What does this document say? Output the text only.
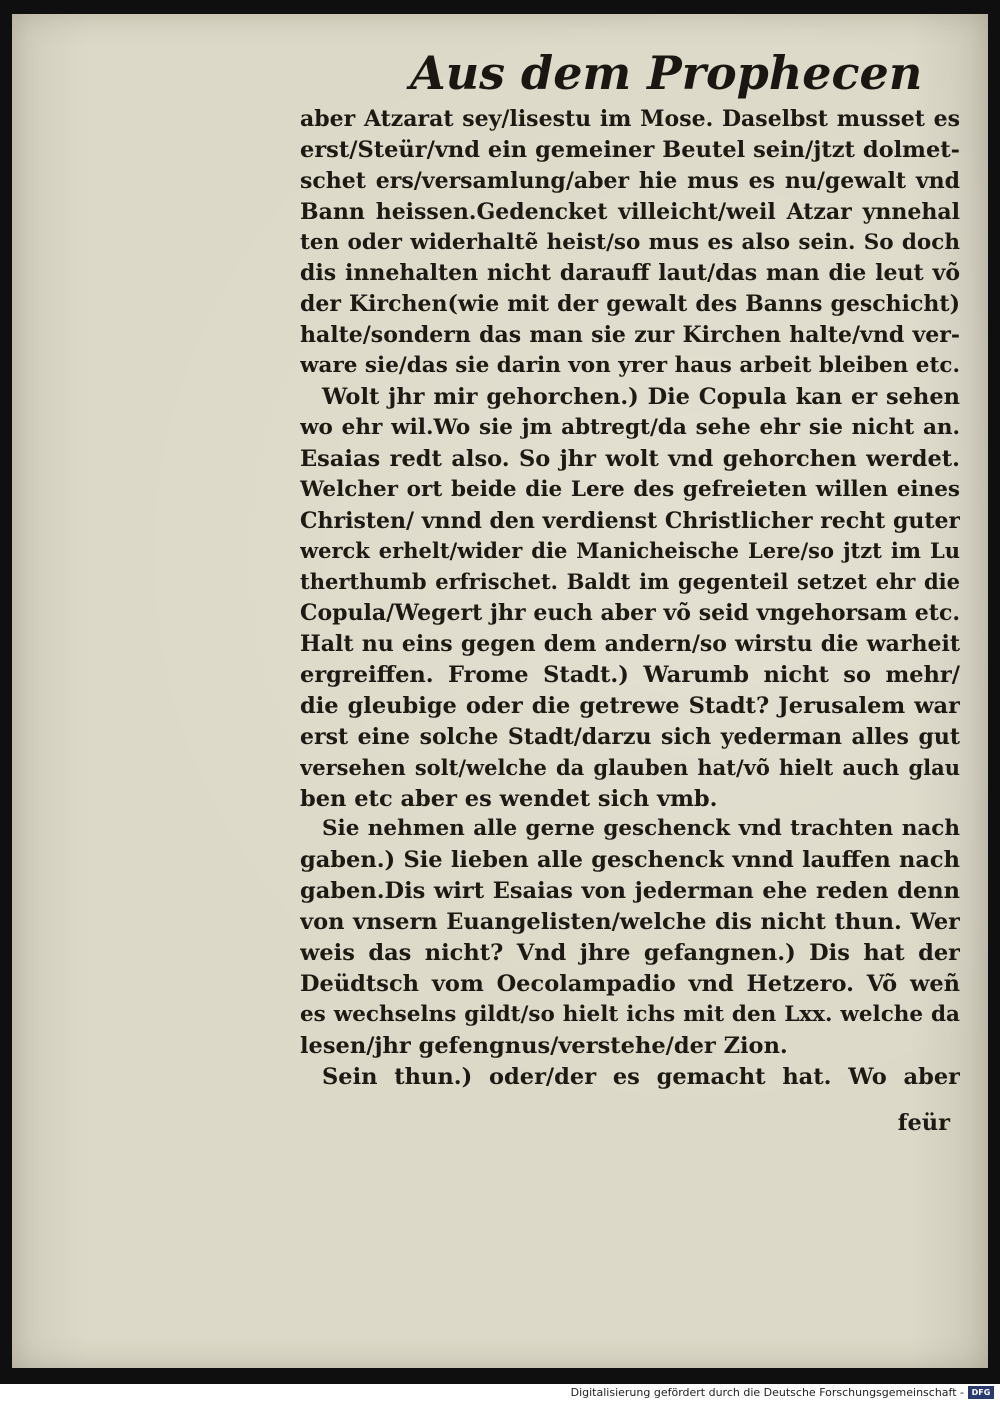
Aus dem Prophecen
aber Atzarat sey/lisestu im Mose. Daselbst musset es
erst/Steür/vnd ein gemeiner Beutel sein/jtzt dolmet-
schet ers/versamlung/aber hie mus es nu/gewalt vnd
Bann heissen.Gedencket villeicht/weil Atzar ynnehal
ten oder widerhaltẽ heist/so mus es also sein. So doch
dis innehalten nicht darauff laut/das man die leut võ
der Kirchen(wie mit der gewalt des Banns geschicht)
halte/sondern das man sie zur Kirchen halte/vnd ver-
ware sie/das sie darin von yrer haus arbeit bleiben etc.
Wolt jhr mir gehorchen.) Die Copula kan er sehen
wo ehr wil.Wo sie jm abtregt/da sehe ehr sie nicht an.
Esaias redt also. So jhr wolt vnd gehorchen werdet.
Welcher ort beide die Lere des gefreieten willen eines
Christen/ vnnd den verdienst Christlicher recht guter
werck erhelt/wider die Manicheische Lere/so jtzt im Lu
therthumb erfrischet. Baldt im gegenteil setzet ehr die
Copula/Wegert jhr euch aber võ seid vngehorsam etc.
Halt nu eins gegen dem andern/so wirstu die warheit
ergreiffen. Frome Stadt.) Warumb nicht so mehr/
die gleubige oder die getrewe Stadt? Jerusalem war
erst eine solche Stadt/darzu sich yederman alles gut
versehen solt/welche da glauben hat/võ hielt auch glau
ben etc aber es wendet sich vmb.
Sie nehmen alle gerne geschenck vnd trachten nach
gaben.) Sie lieben alle geschenck vnnd lauffen nach
gaben.Dis wirt Esaias von jederman ehe reden denn
von vnsern Euangelisten/welche dis nicht thun. Wer
weis das nicht? Vnd jhre gefangnen.) Dis hat der
Deüdtsch vom Oecolampadio vnd Hetzero. Võ weñ
es wechselns gildt/so hielt ichs mit den Lxx. welche da
lesen/jhr gefengnus/verstehe/der Zion.
Sein thun.) oder/der es gemacht hat. Wo aber
feür
Digitalisierung gefördert durch die Deutsche Forschungsgemeinschaft - DFG
